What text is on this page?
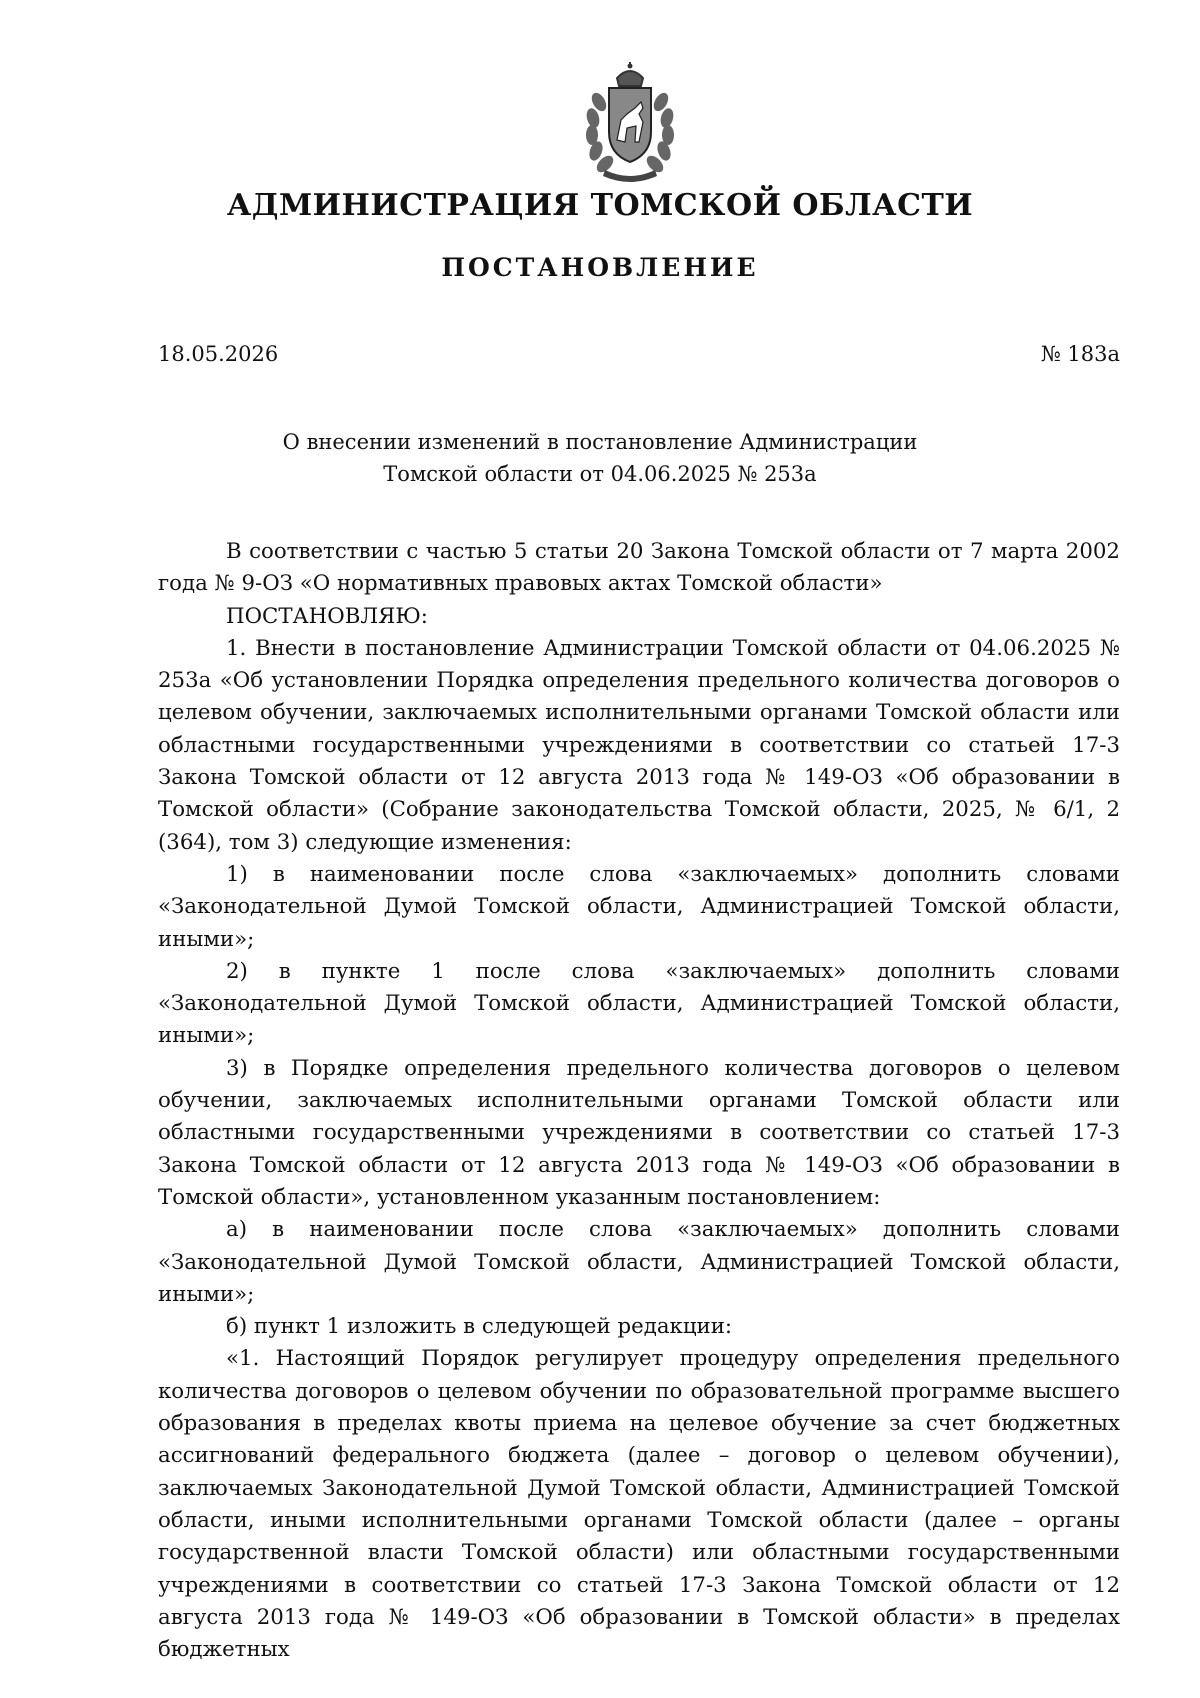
АДМИНИСТРАЦИЯ ТОМСКОЙ ОБЛАСТИ
ПОСТАНОВЛЕНИЕ
18.05.2026	№ 183а
О внесении изменений в постановление Администрации
Томской области от 04.06.2025 № 253а

В соответствии с частью 5 статьи 20 Закона Томской области от 7 марта 2002 года № 9-ОЗ «О нормативных правовых актах Томской области»

ПОСТАНОВЛЯЮ:

1. Внести в постановление Администрации Томской области от 04.06.2025 № 253а «Об установлении Порядка определения предельного количества договоров о целевом обучении, заключаемых исполнительными органами Томской области или областными государственными учреждениями в соответствии со статьей 17-3 Закона Томской области от 12 августа 2013 года № 149-ОЗ «Об образовании в Томской области» (Собрание законодательства Томской области, 2025, № 6/1, 2 (364), том 3) следующие изменения:

1) в наименовании после слова «заключаемых» дополнить словами «Законодательной Думой Томской области, Администрацией Томской области, иными»;

2) в пункте 1 после слова «заключаемых» дополнить словами «Законодательной Думой Томской области, Администрацией Томской области, иными»;

3) в Порядке определения предельного количества договоров о целевом обучении, заключаемых исполнительными органами Томской области или областными государственными учреждениями в соответствии со статьей 17-3 Закона Томской области от 12 августа 2013 года № 149-ОЗ «Об образовании в Томской области», установленном указанным постановлением:

а) в наименовании после слова «заключаемых» дополнить словами «Законодательной Думой Томской области, Администрацией Томской области, иными»;

б) пункт 1 изложить в следующей редакции:

«1. Настоящий Порядок регулирует процедуру определения предельного количества договоров о целевом обучении по образовательной программе высшего образования в пределах квоты приема на целевое обучение за счет бюджетных ассигнований федерального бюджета (далее – договор о целевом обучении), заключаемых Законодательной Думой Томской области, Администрацией Томской области, иными исполнительными органами Томской области (далее – органы государственной власти Томской области) или областными государственными учреждениями в соответствии со статьей 17-3 Закона Томской области от 12 августа 2013 года № 149-ОЗ «Об образовании в Томской области» в пределах бюджетных
